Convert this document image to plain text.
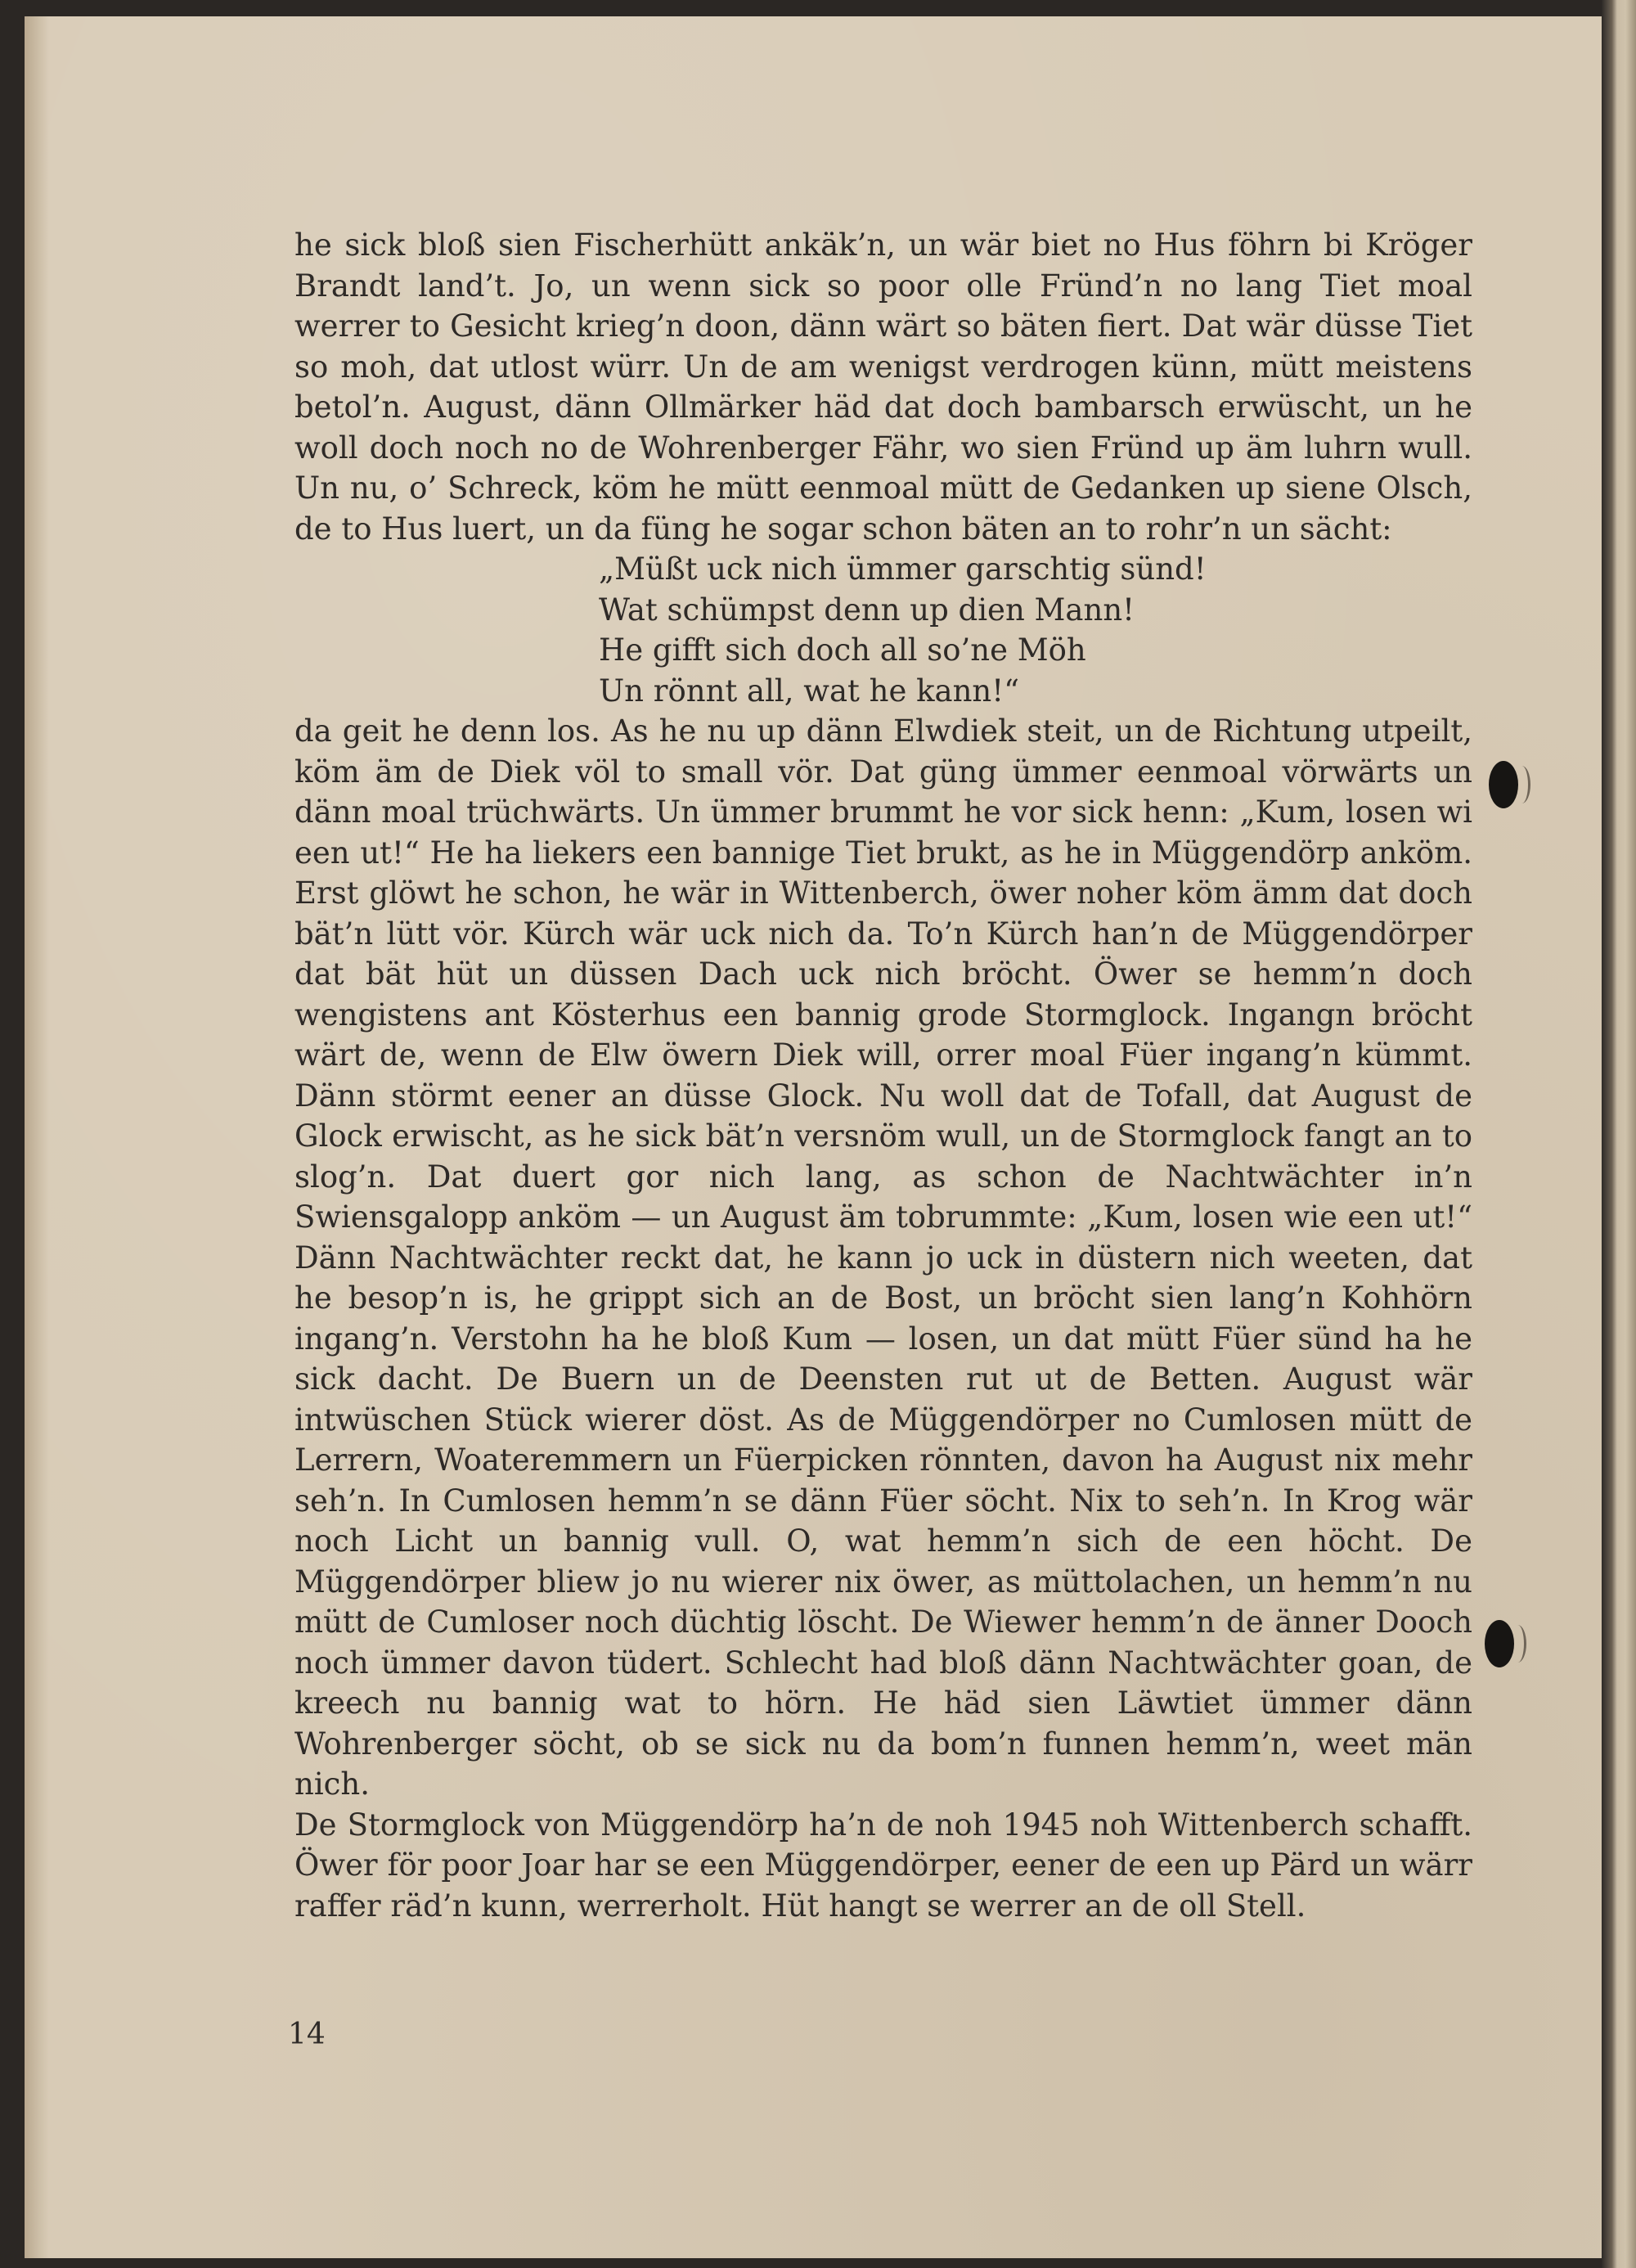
he sick bloß sien Fischerhütt ankäk’n, un wär biet no Hus föhrn bi Kröger Brandt land’t. Jo, un wenn sick so poor olle Fründ’n no lang Tiet moal werrer to Gesicht krieg’n doon, dänn wärt so bäten fiert. Dat wär düsse Tiet so moh, dat utlost würr. Un de am wenigst verdrogen künn, mütt meistens betol’n. August, dänn Ollmärker häd dat doch bambarsch erwüscht, un he woll doch noch no de Wohrenberger Fähr, wo sien Fründ up äm luhrn wull. Un nu, o’ Schreck, köm he mütt eenmoal mütt de Gedanken up siene Olsch, de to Hus luert, un da füng he sogar schon bäten an to rohr’n un sächt:

„Müßt uck nich ümmer garschtig sünd!
Wat schümpst denn up dien Mann!
He gifft sich doch all so’ne Möh
Un rönnt all, wat he kann!“

da geit he denn los. As he nu up dänn Elwdiek steit, un de Richtung utpeilt, köm äm de Diek völ to small vör. Dat güng ümmer eenmoal vörwärts un dänn moal trüchwärts. Un ümmer brummt he vor sick henn: „Kum, losen wi een ut!“ He ha liekers een bannige Tiet brukt, as he in Müggendörp anköm. Erst glöwt he schon, he wär in Wittenberch, öwer noher köm ämm dat doch bät’n lütt vör. Kürch wär uck nich da. To’n Kürch han’n de Müggendörper dat bät hüt un düssen Dach uck nich bröcht. Öwer se hemm’n doch wengistens ant Kösterhus een bannig grode Stormglock. Ingangn bröcht wärt de, wenn de Elw öwern Diek will, orrer moal Füer ingang’n kümmt. Dänn störmt eener an düsse Glock. Nu woll dat de Tofall, dat August de Glock erwischt, as he sick bät’n versnöm wull, un de Stormglock fangt an to slog’n. Dat duert gor nich lang, as schon de Nachtwächter in’n Swiensgalopp anköm — un August äm tobrummte: „Kum, losen wie een ut!“ Dänn Nachtwächter reckt dat, he kann jo uck in düstern nich weeten, dat he besop’n is, he grippt sich an de Bost, un bröcht sien lang’n Kohhörn ingang’n. Verstohn ha he bloß Kum — losen, un dat mütt Füer sünd ha he sick dacht. De Buern un de Deensten rut ut de Betten. August wär intwüschen Stück wierer döst. As de Müggendörper no Cumlosen mütt de Lerrern, Woateremmern un Füerpicken rönnten, davon ha August nix mehr seh’n. In Cumlosen hemm’n se dänn Füer söcht. Nix to seh’n. In Krog wär noch Licht un bannig vull. O, wat hemm’n sich de een höcht. De Müggendörper bliew jo nu wierer nix öwer, as müttolachen, un hemm’n nu mütt de Cumloser noch düchtig löscht. De Wiewer hemm’n de änner Dooch noch ümmer davon tüdert. Schlecht had bloß dänn Nachtwächter goan, de kreech nu bannig wat to hörn. He häd sien Läwtiet ümmer dänn Wohrenberger söcht, ob se sick nu da bom’n funnen hemm’n, weet män nich.

De Stormglock von Müggendörp ha’n de noh 1945 noh Wittenberch schafft. Öwer för poor Joar har se een Müggendörper, eener de een up Pärd un wärr raffer räd’n kunn, werrerholt. Hüt hangt se werrer an de oll Stell.

14
